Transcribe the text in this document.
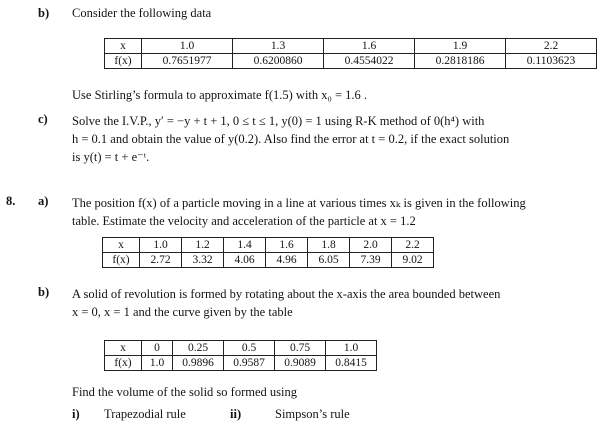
b) Consider the following data
x	1.0	1.3	1.6	1.9	2.2
f(x)	0.7651977	0.6200860	0.4554022	0.2818186	0.1103623
Use Stirling’s formula to approximate f(1.5) with x₀ = 1.6 .
c) Solve the I.V.P., y′ = −y + t + 1, 0 ≤ t ≤ 1, y(0) = 1 using R-K method of 0(h⁴) with
h = 0.1 and obtain the value of y(0.2). Also find the error at t = 0.2, if the exact solution
is y(t) = t + e⁻ᵗ.
8. a) The position f(x) of a particle moving in a line at various times xₖ is given in the following
table. Estimate the velocity and acceleration of the particle at x = 1.2
x	1.0	1.2	1.4	1.6	1.8	2.0	2.2
f(x)	2.72	3.32	4.06	4.96	6.05	7.39	9.02
b) A solid of revolution is formed by rotating about the x-axis the area bounded between
x = 0, x = 1 and the curve given by the table
x	0	0.25	0.5	0.75	1.0
f(x)	1.0	0.9896	0.9587	0.9089	0.8415
Find the volume of the solid so formed using
i) Trapezodial rule	ii)	Simpson’s rule
